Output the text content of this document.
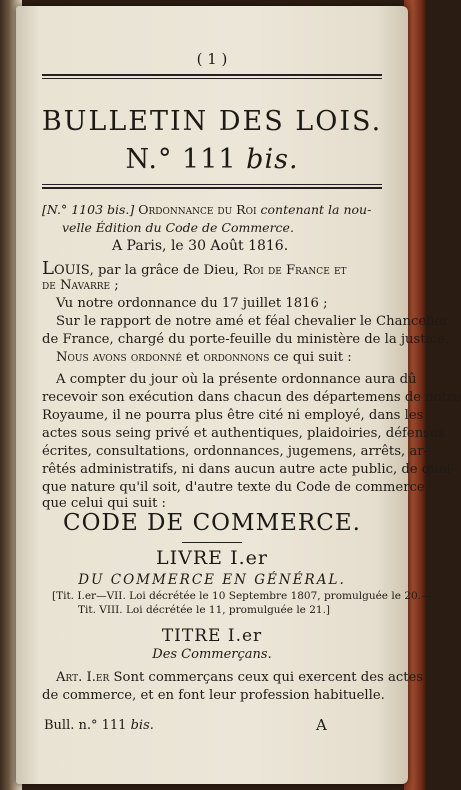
( 1 )
BULLETIN DES LOIS.
N.° 111 bis.
[N.° 1103 bis.] Ordonnance du Roi contenant la nou-
velle Édition du Code de Commerce.
A Paris, le 30 Août 1816.
Louis, par la grâce de Dieu, Roi de France et
de Navarre ;
Vu notre ordonnance du 17 juillet 1816 ;
Sur le rapport de notre amé et féal chevalier le Chancelier
de France, chargé du porte-feuille du ministère de la justice,
Nous avons ordonné et ordonnons ce qui suit :
A compter du jour où la présente ordonnance aura dû
recevoir son exécution dans chacun des départemens de notre
Royaume, il ne pourra plus être cité ni employé, dans les
actes sous seing privé et authentiques, plaidoiries, défenses
écrites, consultations, ordonnances, jugemens, arrêts, ar-
rêtés administratifs, ni dans aucun autre acte public, de quel-
que nature qu'il soit, d'autre texte du Code de commerce
que celui qui suit :
CODE DE COMMERCE.
LIVRE I.er
DU COMMERCE EN GÉNÉRAL.
[Tit. I.er—VII. Loi décrétée le 10 Septembre 1807, promulguée le 20.—
Tit. VIII. Loi décrétée le 11, promulguée le 21.]
TITRE I.er
Des Commerçans.
Art. I.er Sont commerçans ceux qui exercent des actes
de commerce, et en font leur profession habituelle.
Bull. n.° 111 bis.	A
